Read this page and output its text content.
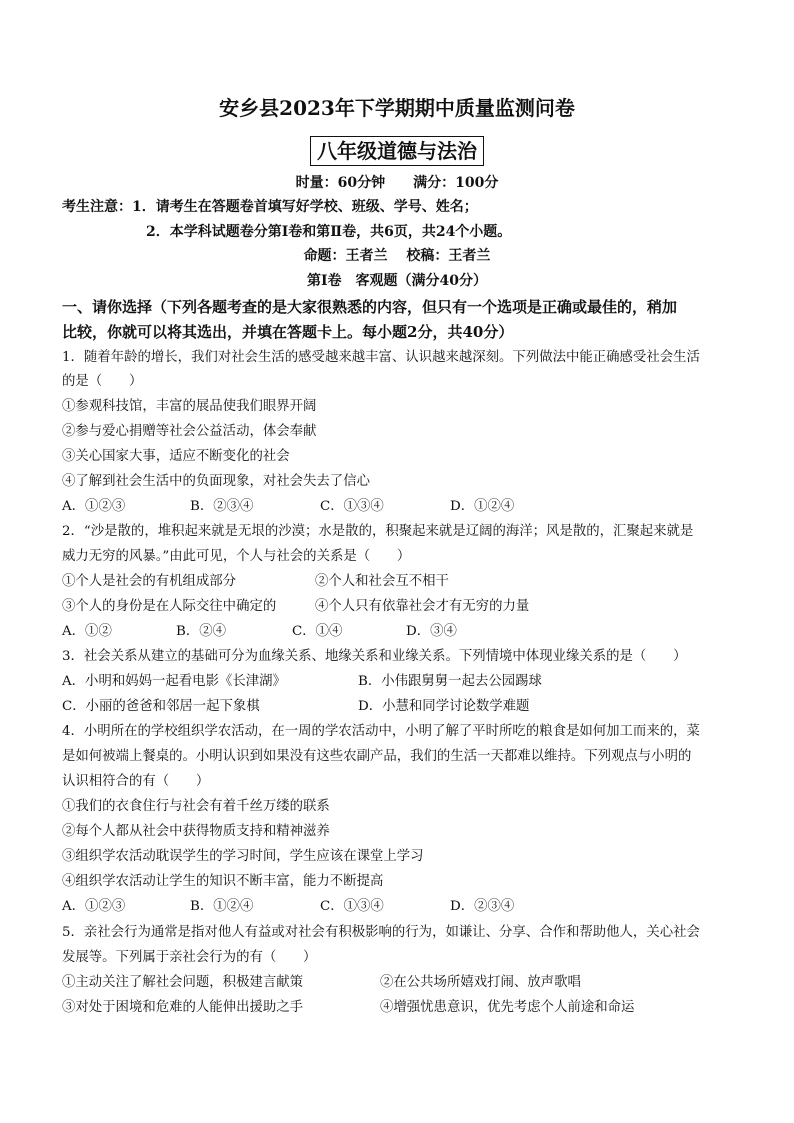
安乡县2023年下学期期中质量监测问卷
八年级道德与法治
时量：60分钟　　满分：100分
考生注意：1．请考生在答题卷首填写好学校、班级、学号、姓名；
2．本学科试题卷分第Ⅰ卷和第Ⅱ卷，共6页，共24个小题。
命题：王者兰　 校稿：王者兰
第Ⅰ卷　客观题（满分40分）
一、请你选择（下列各题考查的是大家很熟悉的内容，但只有一个选项是正确或最佳的，稍加
比较，你就可以将其选出，并填在答题卡上。每小题2分，共40分）
1．随着年龄的增长，我们对社会生活的感受越来越丰富、认识越来越深刻。下列做法中能正确感受社会生活
的是（　　）
①参观科技馆，丰富的展品使我们眼界开阔
②参与爱心捐赠等社会公益活动，体会奉献
③关心国家大事，适应不断变化的社会
④了解到社会生活中的负面现象，对社会失去了信心
A．①②③	B．②③④	C．①③④	D．①②④
2．“沙是散的，堆积起来就是无垠的沙漠；水是散的，积聚起来就是辽阔的海洋；风是散的，汇聚起来就是
威力无穷的风暴。”由此可见，个人与社会的关系是（　　）
①个人是社会的有机组成部分	②个人和社会互不相干
③个人的身份是在人际交往中确定的	④个人只有依靠社会才有无穷的力量
A．①②	B．②④	C．①④	D．③④
3．社会关系从建立的基础可分为血缘关系、地缘关系和业缘关系。下列情境中体现业缘关系的是（　　）
A．小明和妈妈一起看电影《长津湖》	B．小伟跟舅舅一起去公园踢球
C．小丽的爸爸和邻居一起下象棋	D．小慧和同学讨论数学难题
4．小明所在的学校组织学农活动，在一周的学农活动中，小明了解了平时所吃的粮食是如何加工而来的，菜
是如何被端上餐桌的。小明认识到如果没有这些农副产品，我们的生活一天都难以维持。下列观点与小明的
认识相符合的有（　　）
①我们的衣食住行与社会有着千丝万缕的联系
②每个人都从社会中获得物质支持和精神滋养
③组织学农活动耽误学生的学习时间，学生应该在课堂上学习
④组织学农活动让学生的知识不断丰富，能力不断提高
A．①②③	B．①②④	C．①③④	D．②③④
5．亲社会行为通常是指对他人有益或对社会有积极影响的行为，如谦让、分享、合作和帮助他人，关心社会
发展等。下列属于亲社会行为的有（　　）
①主动关注了解社会问题，积极建言献策	②在公共场所嬉戏打闹、放声歌唱
③对处于困境和危难的人能伸出援助之手	④增强忧患意识，优先考虑个人前途和命运
